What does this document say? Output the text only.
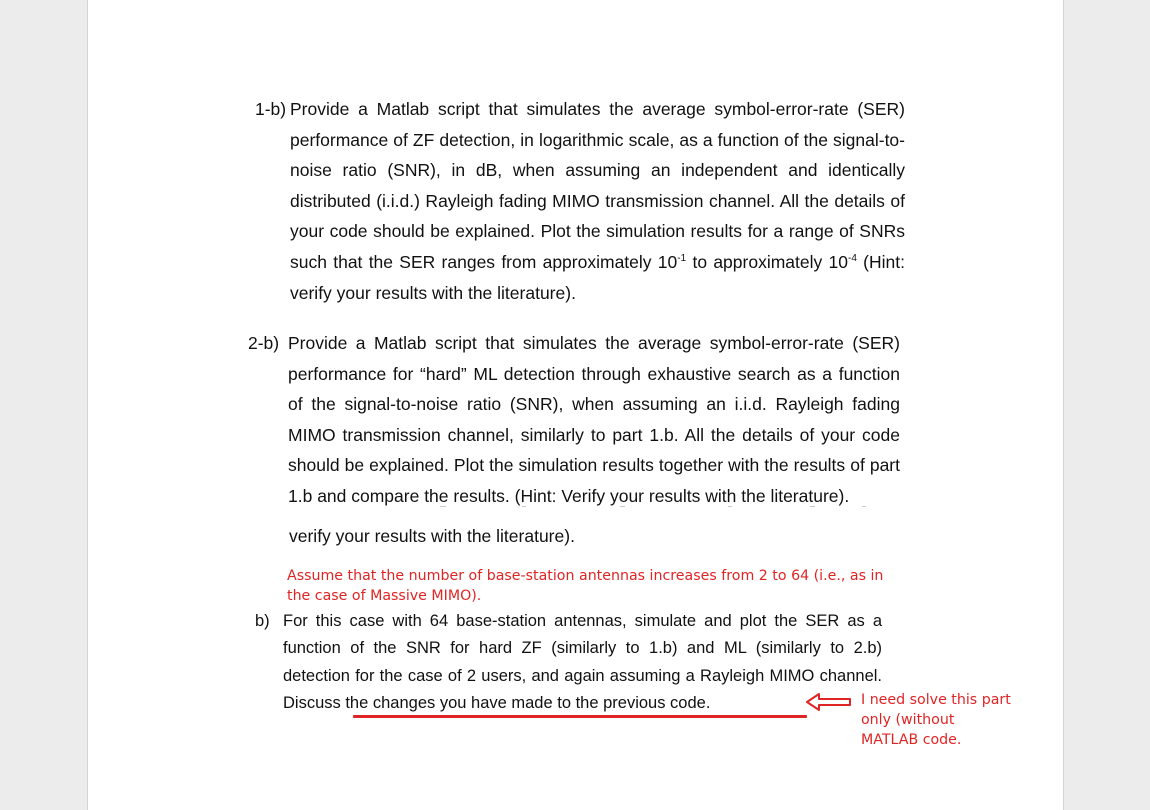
1-b) Provide a Matlab script that simulates the average symbol-error-rate (SER) performance of ZF detection, in logarithmic scale, as a function of the signal-to-noise ratio (SNR), in dB, when assuming an independent and identically distributed (i.i.d.) Rayleigh fading MIMO transmission channel. All the details of your code should be explained. Plot the simulation results for a range of SNRs such that the SER ranges from approximately $10^{-1}$ to approximately $10^{-4}$ (Hint: verify your results with the literature).
2-b) Provide a Matlab script that simulates the average symbol-error-rate (SER) performance for “hard” ML detection through exhaustive search as a function of the signal-to-noise ratio (SNR), when assuming an i.i.d. Rayleigh fading MIMO transmission channel, similarly to part 1.b. All the details of your code should be explained. Plot the simulation results together with the results of part 1.b and compare the results. (Hint: Verify your results with the literature).
verify your results with the literature).
Assume that the number of base-station antennas increases from 2 to 64 (i.e., as in the case of Massive MIMO).
b) For this case with 64 base-station antennas, simulate and plot the SER as a function of the SNR for hard ZF (similarly to 1.b) and ML (similarly to 2.b) detection for the case of 2 users, and again assuming a Rayleigh MIMO channel. Discuss the changes you have made to the previous code.	I need solve this part only (without MATLAB code.
